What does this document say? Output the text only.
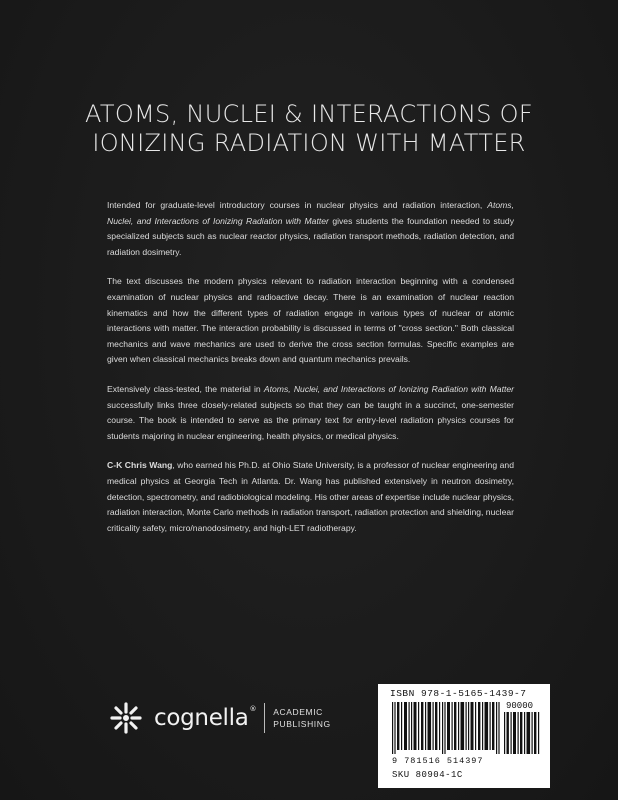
ATOMS, NUCLEI & INTERACTIONS OF
IONIZING RADIATION WITH MATTER

Intended for graduate-level introductory courses in nuclear physics and radiation interaction, Atoms, Nuclei, and Interactions of Ionizing Radiation with Matter gives students the foundation needed to study specialized subjects such as nuclear reactor physics, radiation transport methods, radiation detection, and radiation dosimetry.

The text discusses the modern physics relevant to radiation interaction beginning with a condensed examination of nuclear physics and radioactive decay. There is an examination of nuclear reaction kinematics and how the different types of radiation engage in various types of nuclear or atomic interactions with matter. The interaction probability is discussed in terms of "cross section." Both classical mechanics and wave mechanics are used to derive the cross section formulas. Specific examples are given when classical mechanics breaks down and quantum mechanics prevails.

Extensively class-tested, the material in Atoms, Nuclei, and Interactions of Ionizing Radiation with Matter successfully links three closely-related subjects so that they can be taught in a succinct, one-semester course. The book is intended to serve as the primary text for entry-level radiation physics courses for students majoring in nuclear engineering, health physics, or medical physics.

C-K Chris Wang, who earned his Ph.D. at Ohio State University, is a professor of nuclear engineering and medical physics at Georgia Tech in Atlanta. Dr. Wang has published extensively in neutron dosimetry, detection, spectrometry, and radiobiological modeling. His other areas of expertise include nuclear physics, radiation interaction, Monte Carlo methods in radiation transport, radiation protection and shielding, nuclear criticality safety, micro/nanodosimetry, and high-LET radiotherapy.

cognella® ACADEMIC
PUBLISHING
ISBN 978-1-5165-1439-7
90000
9 781516 514397
SKU 80904-1C
